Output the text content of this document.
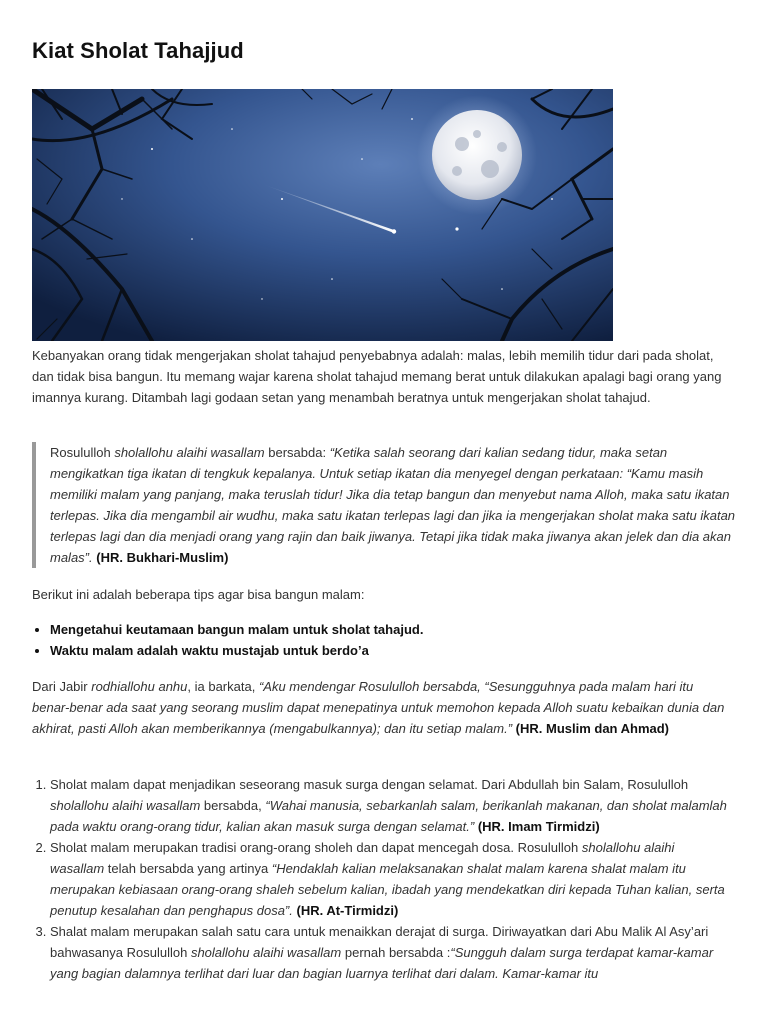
Kiat Sholat Tahajjud

Kebanyakan orang tidak mengerjakan sholat tahajud penyebabnya adalah: malas, lebih memilih tidur dari pada sholat, dan tidak bisa bangun. Itu memang wajar karena sholat tahajud memang berat untuk dilakukan apalagi bagi orang yang imannya kurang. Ditambah lagi godaan setan yang menambah beratnya untuk mengerjakan sholat tahajud.

Rosululloh sholallohu alaihi wasallam bersabda: “Ketika salah seorang dari kalian sedang tidur, maka setan mengikatkan tiga ikatan di tengkuk kepalanya. Untuk setiap ikatan dia menyegel dengan perkataan: “Kamu masih memiliki malam yang panjang, maka teruslah tidur! Jika dia tetap bangun dan menyebut nama Alloh, maka satu ikatan terlepas. Jika dia mengambil air wudhu, maka satu ikatan terlepas lagi dan jika ia mengerjakan sholat maka satu ikatan terlepas lagi dan dia menjadi orang yang rajin dan baik jiwanya. Tetapi jika tidak maka jiwanya akan jelek dan dia akan malas”. (HR. Bukhari-Muslim)

Berikut ini adalah beberapa tips agar bisa bangun malam:

• Mengetahui keutamaan bangun malam untuk sholat tahajud.
• Waktu malam adalah waktu mustajab untuk berdo’a

Dari Jabir rodhiallohu anhu, ia barkata, “Aku mendengar Rosululloh bersabda, “Sesungguhnya pada malam hari itu benar-benar ada saat yang seorang muslim dapat menepatinya untuk memohon kepada Alloh suatu kebaikan dunia dan akhirat, pasti Alloh akan memberikannya (mengabulkannya); dan itu setiap malam.” (HR. Muslim dan Ahmad)

1. Sholat malam dapat menjadikan seseorang masuk surga dengan selamat. Dari Abdullah bin Salam, Rosululloh sholallohu alaihi wasallam bersabda, “Wahai manusia, sebarkanlah salam, berikanlah makanan, dan sholat malamlah pada waktu orang-orang tidur, kalian akan masuk surga dengan selamat.” (HR. Imam Tirmidzi)
2. Sholat malam merupakan tradisi orang-orang sholeh dan dapat mencegah dosa. Rosululloh sholallohu alaihi wasallam telah bersabda yang artinya “Hendaklah kalian melaksanakan shalat malam karena shalat malam itu merupakan kebiasaan orang-orang shaleh sebelum kalian, ibadah yang mendekatkan diri kepada Tuhan kalian, serta penutup kesalahan dan penghapus dosa”. (HR. At-Tirmidzi)
3. Shalat malam merupakan salah satu cara untuk menaikkan derajat di surga. Diriwayatkan dari Abu Malik Al Asy’ari bahwasanya Rosululloh sholallohu alaihi wasallam pernah bersabda :“Sungguh dalam surga terdapat kamar-kamar yang bagian dalamnya terlihat dari luar dan bagian luarnya terlihat dari dalam. Kamar-kamar itu
